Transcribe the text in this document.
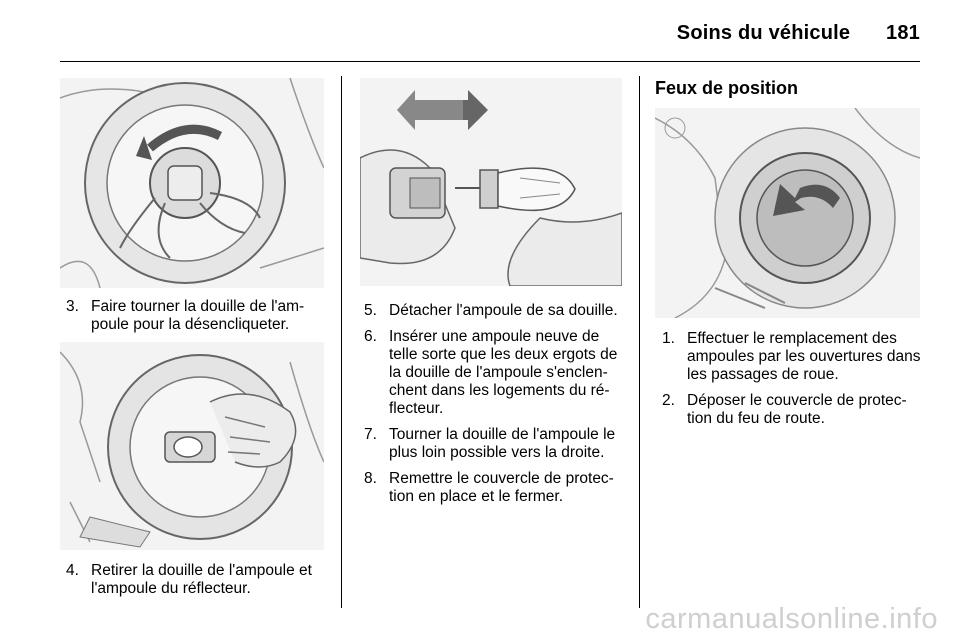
Soins du véhicule 181
3. Faire tourner la douille de l'am-poule pour la désencliqueter.
4. Retirer la douille de l'ampoule et l'ampoule du réflecteur.
5. Détacher l'ampoule de sa douille.
6. Insérer une ampoule neuve de telle sorte que les deux ergots de la douille de l'ampoule s'enclen-chent dans les logements du ré-flecteur.
7. Tourner la douille de l'ampoule le plus loin possible vers la droite.
8. Remettre le couvercle de protec-tion en place et le fermer.
Feux de position
1. Effectuer le remplacement des ampoules par les ouvertures dans les passages de roue.
2. Déposer le couvercle de protec-tion du feu de route.
carmanualsonline.info
